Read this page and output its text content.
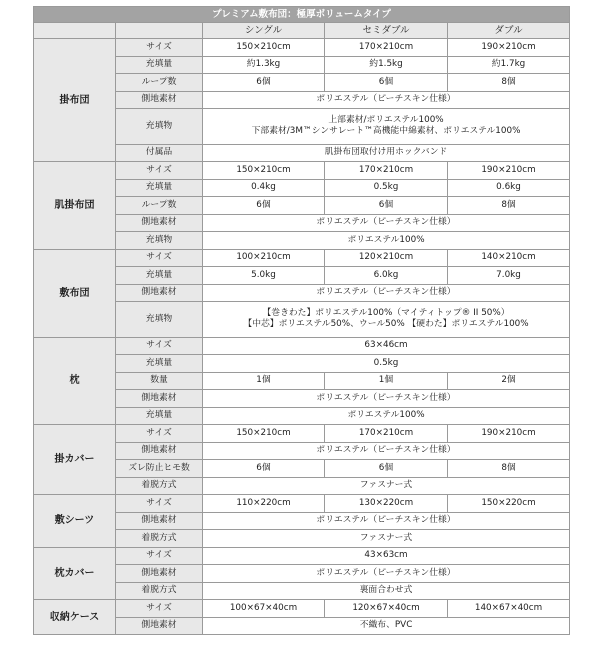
プレミアム敷布団：極厚ボリュームタイプ				
		シングル	セミダブル	ダブル
掛布団	サイズ	150×210cm	170×210cm	190×210cm
	充填量	約1.3kg	約1.5kg	約1.7kg
	ループ数	6個	6個	8個
	側地素材	ポリエステル（ピーチスキン仕様）		
	充填物	上部素材/ポリエステル100%
下部素材/3M™シンサレート™高機能中綿素材、ポリエステル100%		

	付属品	肌掛布団取付け用ホックバンド		
肌掛布団	サイズ	150×210cm	170×210cm	190×210cm
	充填量	0.4kg	0.5kg	0.6kg
	ループ数	6個	6個	8個
	側地素材	ポリエステル（ピーチスキン仕様）		
	充填物	ポリエステル100%		
敷布団	サイズ	100×210cm	120×210cm	140×210cm
	充填量	5.0kg	6.0kg	7.0kg
	側地素材	ポリエステル（ピーチスキン仕様）		
	充填物	【巻きわた】ポリエステル100%（マイティトップ® II 50%）
【中芯】ポリエステル50%、ウール50% 【硬わた】ポリエステル100%		

枕	サイズ	63×46cm		
	充填量	0.5kg		
	数量	1個	1個	2個
	側地素材	ポリエステル（ピーチスキン仕様）		
	充填量	ポリエステル100%		
掛カバー	サイズ	150×210cm	170×210cm	190×210cm
	側地素材	ポリエステル（ピーチスキン仕様）		
	ズレ防止ヒモ数	6個	6個	8個
	着脱方式	ファスナー式		
敷シーツ	サイズ	110×220cm	130×220cm	150×220cm
	側地素材	ポリエステル（ピーチスキン仕様）		
	着脱方式	ファスナー式		
枕カバー	サイズ	43×63cm		
	側地素材	ポリエステル（ピーチスキン仕様）		
	着脱方式	裏面合わせ式		
収納ケース	サイズ	100×67×40cm	120×67×40cm	140×67×40cm
	側地素材	不織布、PVC		
